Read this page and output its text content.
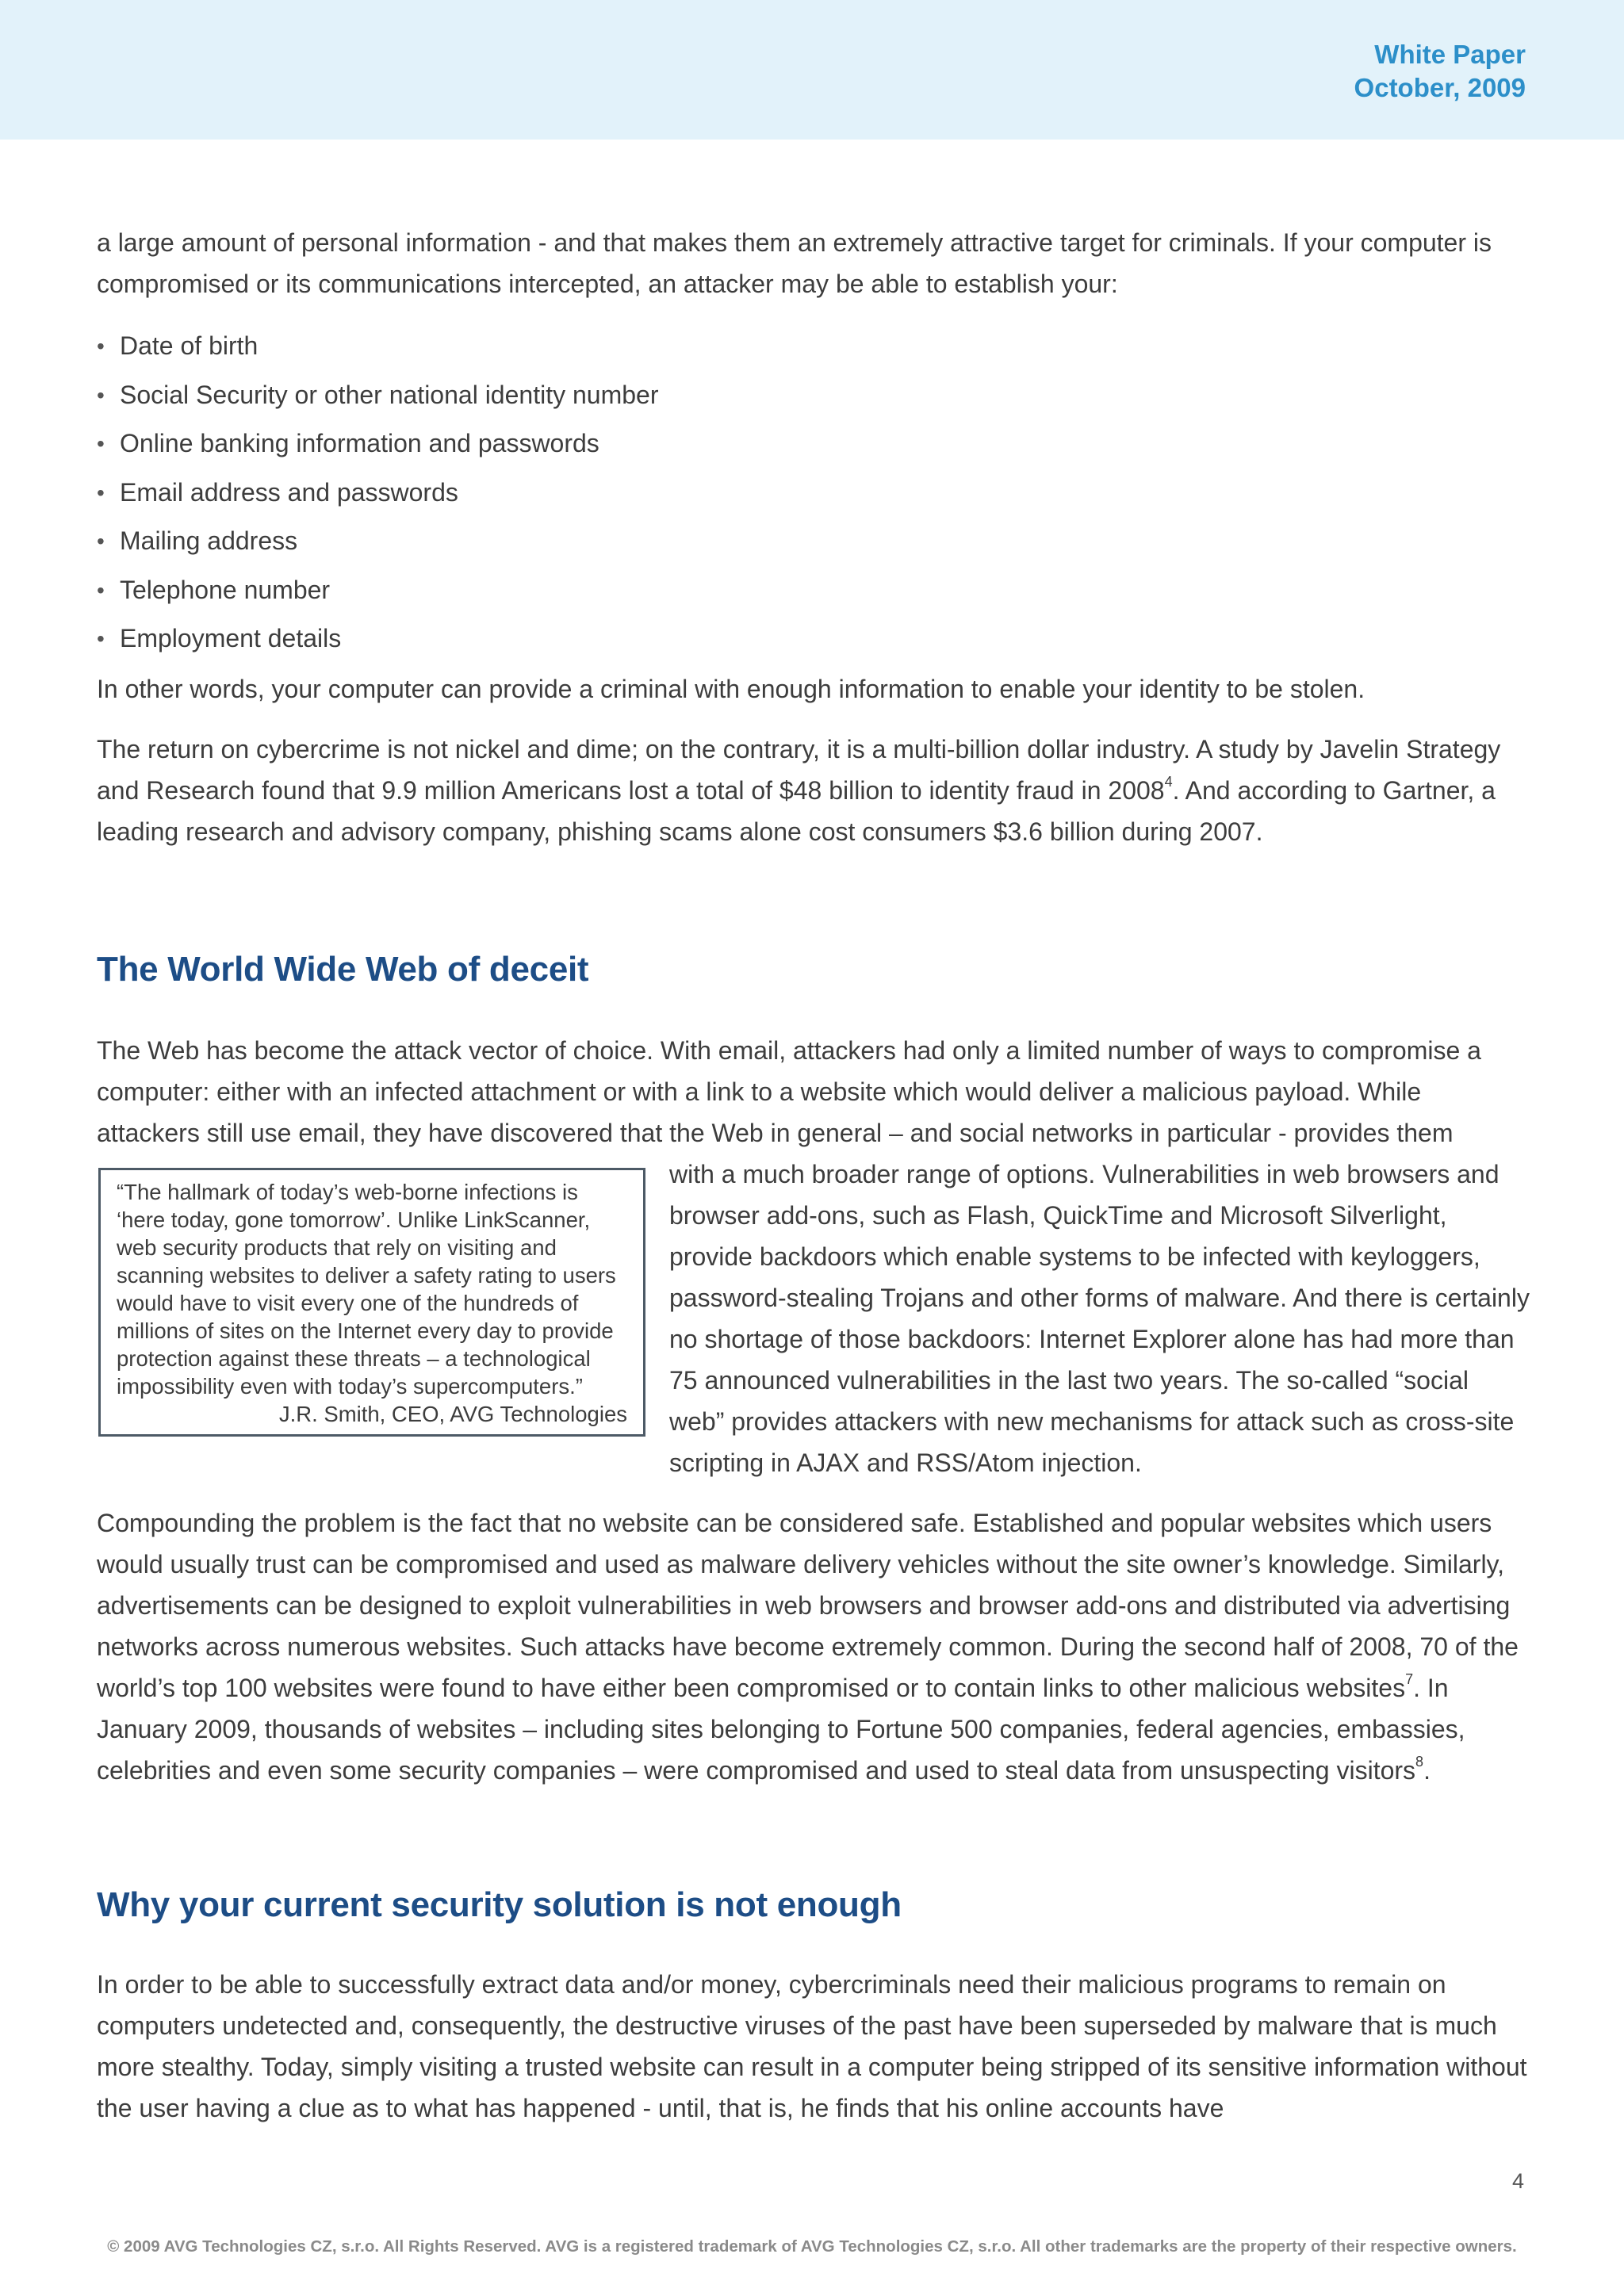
White Paper
October, 2009

a large amount of personal information - and that makes them an extremely attractive target for criminals. If your computer is compromised or its communications intercepted, an attacker may be able to establish your:

• Date of birth
• Social Security or other national identity number
• Online banking information and passwords
• Email address and passwords
• Mailing address
• Telephone number
• Employment details

In other words, your computer can provide a criminal with enough information to enable your identity to be stolen.

The return on cybercrime is not nickel and dime; on the contrary, it is a multi-billion dollar industry. A study by Javelin Strategy and Research found that 9.9 million Americans lost a total of $48 billion to identity fraud in 2008$^4$. And according to Gartner, a leading research and advisory company, phishing scams alone cost consumers $3.6 billion during 2007.

The World Wide Web of deceit

The Web has become the attack vector of choice. With email, attackers had only a limited number of ways to compromise a computer: either with an infected attachment or with a link to a website which would deliver a malicious payload. While attackers still use email, they have discovered that the Web in general – and social networks in particular - provides them

“The hallmark of today’s web-borne infections is ‘here today, gone tomorrow’. Unlike LinkScanner, web security products that rely on visiting and scanning websites to deliver a safety rating to users would have to visit every one of the hundreds of millions of sites on the Internet every day to provide protection against these threats – a technological impossibility even with today’s supercomputers.”
J.R. Smith, CEO, AVG Technologies

with a much broader range of options. Vulnerabilities in web browsers and browser add-ons, such as Flash, QuickTime and Microsoft Silverlight, provide backdoors which enable systems to be infected with keyloggers, password-stealing Trojans and other forms of malware. And there is certainly no shortage of those backdoors: Internet Explorer alone has had more than 75 announced vulnerabilities in the last two years. The so-called “social web” provides attackers with new mechanisms for attack such as cross-site scripting in AJAX and RSS/Atom injection.

Compounding the problem is the fact that no website can be considered safe. Established and popular websites which users would usually trust can be compromised and used as malware delivery vehicles without the site owner’s knowledge. Similarly, advertisements can be designed to exploit vulnerabilities in web browsers and browser add-ons and distributed via advertising networks across numerous websites. Such attacks have become extremely common. During the second half of 2008, 70 of the world’s top 100 websites were found to have either been compromised or to contain links to other malicious websites$^7$. In January 2009, thousands of websites – including sites belonging to Fortune 500 companies, federal agencies, embassies, celebrities and even some security companies – were compromised and used to steal data from unsuspecting visitors$^8$.

Why your current security solution is not enough

In order to be able to successfully extract data and/or money, cybercriminals need their malicious programs to remain on computers undetected and, consequently, the destructive viruses of the past have been superseded by malware that is much more stealthy. Today, simply visiting a trusted website can result in a computer being stripped of its sensitive information without the user having a clue as to what has happened - until, that is, he finds that his online accounts have

4
© 2009 AVG Technologies CZ, s.r.o. All Rights Reserved. AVG is a registered trademark of AVG Technologies CZ, s.r.o. All other trademarks are the property of their respective owners.
